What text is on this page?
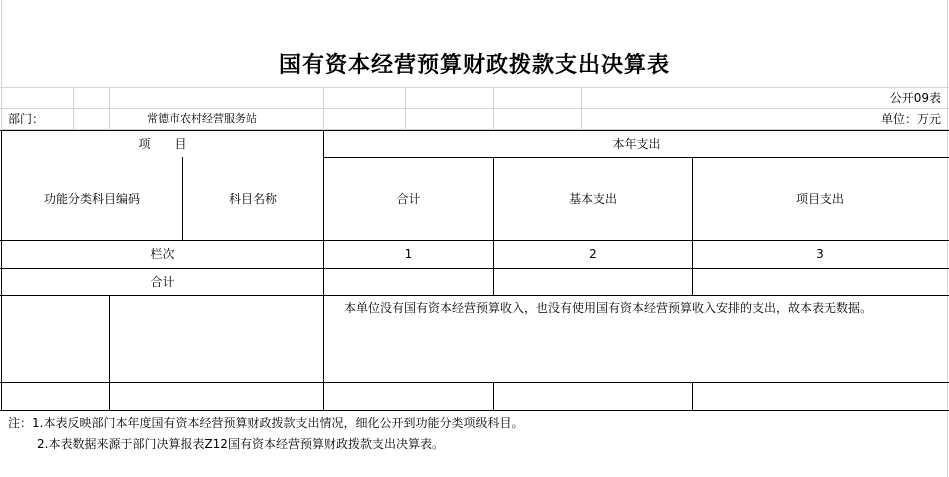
国有资本经营预算财政拨款支出决算表
公开09表
部门：	常德市农村经营服务站	单位：万元
项　　目	本年支出
功能分类科目编码	科目名称	合计	基本支出	项目支出
栏次	1	2	3
合计
本单位没有国有资本经营预算收入，也没有使用国有资本经营预算收入安排的支出，故本表无数据。
注：1.本表反映部门本年度国有资本经营预算财政拨款支出情况，细化公开到功能分类项级科目。
2.本表数据来源于部门决算报表Z12国有资本经营预算财政拨款支出决算表。
